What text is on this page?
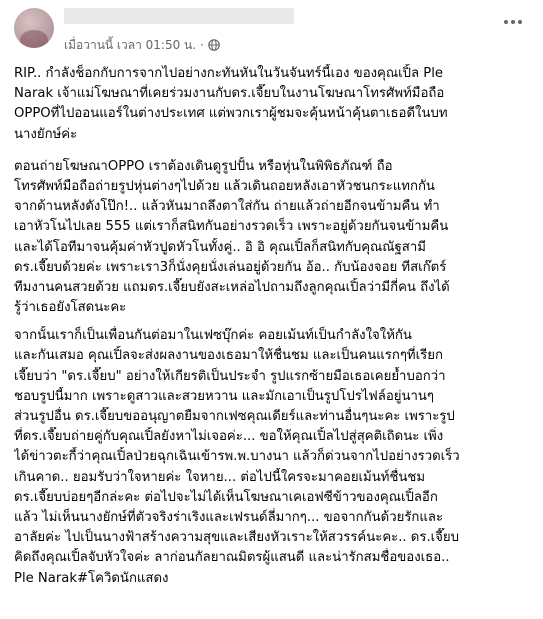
เมื่อวานนี้ เวลา 01:50 น. ·
RIP.. กำลังช็อกกับการจากไปอย่างกะทันหันในวันจันทร์นี้เอง ของคุณเปิ้ล Ple
Narak เจ้าแม่โฆษณาที่เคยร่วมงานกับดร.เจี๊ยบในงานโฆษณาโทรศัพท์มือถือ
OPPOที่ไปออนแอร์ในต่างประเทศ แต่พวกเราผู้ชมจะคุ้นหน้าคุ้นตาเธอดีในบท
นางยักษ์ค่ะ
ตอนถ่ายโฆษณาOPPO เราต้องเดินดูรูปปั้น หรือหุ่นในพิพิธภัณฑ์ ถือ
โทรศัพท์มือถือถ่ายรูปหุ่นต่างๆไปด้วย แล้วเดินถอยหลังเอาหัวชนกระแทกกัน
จากด้านหลังดังโป๊ก!.. แล้วหันมาถลึงตาใส่กัน ถ่ายแล้วถ่ายอีกจนข้ามคืน ทำ
เอาหัวโนไปเลย 555 แต่เราก็สนิทกันอย่างรวดเร็ว เพราะอยู่ด้วยกันจนข้ามคืน
และได้โอทีมาจนคุ้มค่าหัวปูดหัวโนทั้งคู่.. อิ อิ คุณเปิ้ลก็สนิทกับคุณณัฐสามี
ดร.เจี๊ยบด้วยค่ะ เพราะเรา3ก็นั่งคุยนั่งเล่นอยู่ด้วยกัน อ้อ.. กับน้องจอย ทีสเก๊ตร์
ทีมงานคนสวยด้วย แถมดร.เจี๊ยบยังสะเหล่อไปถามถึงลูกคุณเปิ้ลว่ามีกี่คน ถึงได้
รู้ว่าเธอยังโสดนะคะ
จากนั้นเราก็เป็นเพื่อนกันต่อมาในเฟซบุ๊กค่ะ คอยเม้นท์เป็นกำลังใจให้กัน
และกันเสมอ คุณเปิ้ลจะส่งผลงานของเธอมาให้ชื่นชม และเป็นคนแรกๆที่เรียก
เจี๊ยบว่า "ดร.เจี๊ยบ" อย่างให้เกียรติเป็นประจำ รูปแรกซ้ายมือเธอเคยย้ำบอกว่า
ชอบรูปนี้มาก เพราะดูสาวและสวยหวาน และมักเอาเป็นรูปโปรไฟล์อยู่นานๆ
ส่วนรูปอื่น ดร.เจี๊ยบขออนุญาตยืมจากเฟซคุณเดียร์และท่านอื่นๆนะคะ เพราะรูป
ที่ดร.เจี๊ยบถ่ายคู่กับคุณเปิ้ลยังหาไม่เจอค่ะ... ขอให้คุณเปิ้ลไปสู่สุคติเถิดนะ เพิ่ง
ได้ข่าวตะกี้ว่าคุณเปิ้ลป่วยฉุกเฉินเข้ารพ.พ.บางนา แล้วก็ด่วนจากไปอย่างรวดเร็ว
เกินคาด.. ยอมรับว่าใจหายค่ะ ใจหาย... ต่อไปนี้ใครจะมาคอยเม้นท์ชื่นชม
ดร.เจี๊ยบบ่อยๆอีกล่ะคะ ต่อไปจะไม่ได้เห็นโฆษณาเคเอฟซีข้าวของคุณเปิ้ลอีก
แล้ว ไม่เห็นนางยักษ์ที่ตัวจริงร่าเริงและเฟรนด์ลี่มากๆ... ขอจากกันด้วยรักและ
อาลัยค่ะ ไปเป็นนางฟ้าสร้างความสุขและเสียงหัวเราะให้สวรรค์นะคะ.. ดร.เจี๊ยบ
คิดถึงคุณเปิ้ลจับหัวใจค่ะ ลาก่อนกัลยาณมิตรผู้แสนดี และน่ารักสมชื่อของเธอ..
Ple Narak#โควิดนักแสดง
